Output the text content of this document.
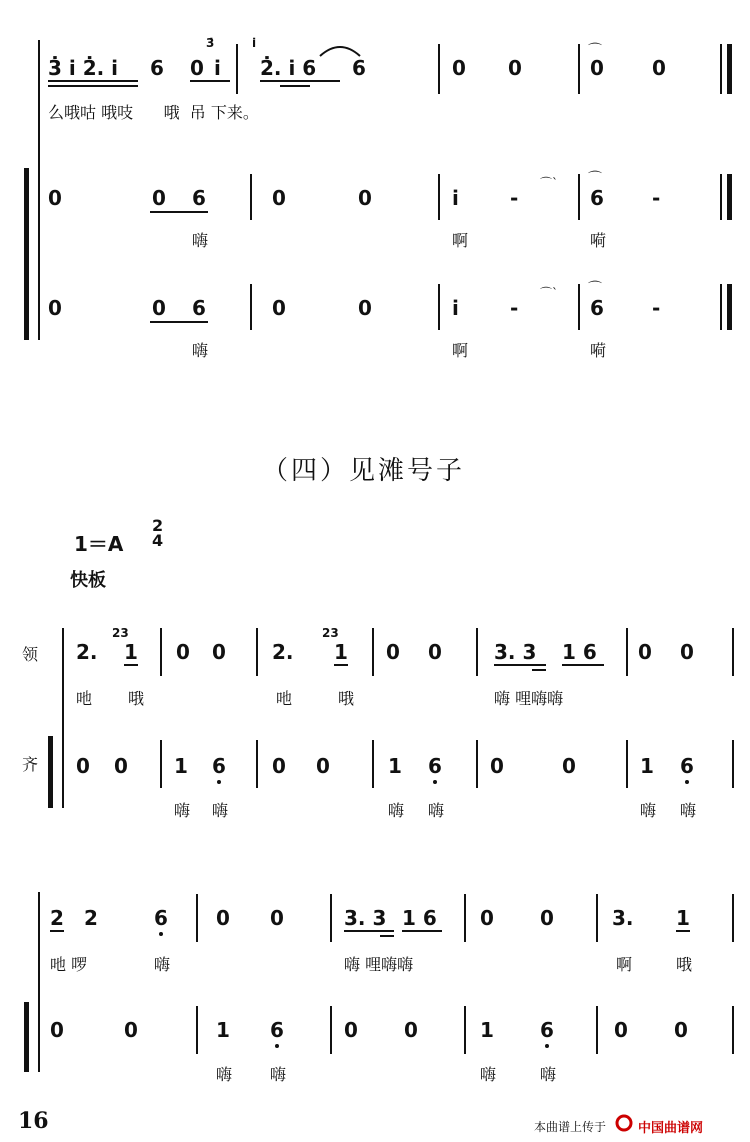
3̇ i̇ 2̇. i̇ 6 0
3̇
i̇
i̇
2̇. i̇ 6 6	0 0
⌒
0 0
么哦咕 哦吱      哦  吊 下来。
0	0 6	0	0	i̇	-
⌒` ⌒
6 -
嗨	啊	嗬
0	0 6	0	0	i̇	-
⌒` ⌒
6 -
嗨	啊	嗬
（四）见滩号子
1＝A
2
4
快板
领
齐
2.
23
1 0 0 2.
23
1 0 0	3. 3 1 6 0 0
吔 哦	吔	哦	嗨 哩嗨嗨
0 0 1 6 0 0	1 6 0	0	1 6
嗨 嗨	嗨 嗨	嗨 嗨
2 2	6 0 0	3. 3 1 6 0 0	3. 1
吔 啰	嗨	嗨 哩嗨嗨	啊	哦
0	0	1 6	0 0	1 6	0 0
嗨 嗨	嗨	嗨
16	本曲谱上传于 中国曲谱网
